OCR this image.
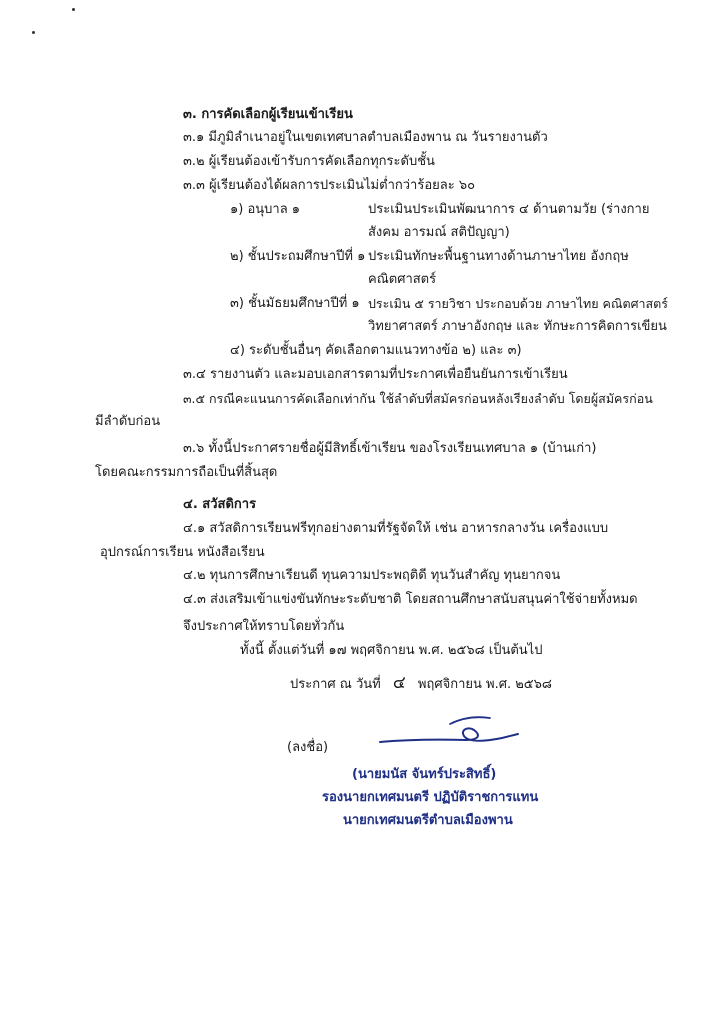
๓. การคัดเลือกผู้เรียนเข้าเรียน
๓.๑ มีภูมิลำเนาอยู่ในเขตเทศบาลตำบลเมืองพาน ณ วันรายงานตัว
๓.๒ ผู้เรียนต้องเข้ารับการคัดเลือกทุกระดับชั้น
๓.๓ ผู้เรียนต้องได้ผลการประเมินไม่ต่ำกว่าร้อยละ ๖๐
๑) อนุบาล ๑	ประเมินประเมินพัฒนาการ ๔ ด้านตามวัย (ร่างกาย
สังคม อารมณ์ สติปัญญา)
๒) ชั้นประถมศึกษาปีที่ ๑ ประเมินทักษะพื้นฐานทางด้านภาษาไทย อังกฤษ
คณิตศาสตร์
๓) ชั้นมัธยมศึกษาปีที่ ๑ ประเมิน ๕ รายวิชา ประกอบด้วย ภาษาไทย คณิตศาสตร์
วิทยาศาสตร์ ภาษาอังกฤษ และ ทักษะการคิดการเขียน
๔) ระดับชั้นอื่นๆ คัดเลือกตามแนวทางข้อ ๒) และ ๓)
๓.๔ รายงานตัว และมอบเอกสารตามที่ประกาศเพื่อยืนยันการเข้าเรียน
๓.๕ กรณีคะแนนการคัดเลือกเท่ากัน ใช้ลำดับที่สมัครก่อนหลังเรียงลำดับ โดยผู้สมัครก่อน
มีลำดับก่อน
๓.๖ ทั้งนี้ประกาศรายชื่อผู้มีสิทธิ์เข้าเรียน ของโรงเรียนเทศบาล ๑ (บ้านเก่า)
โดยคณะกรรมการถือเป็นที่สิ้นสุด
๔. สวัสดิการ
๔.๑ สวัสดิการเรียนฟรีทุกอย่างตามที่รัฐจัดให้ เช่น อาหารกลางวัน เครื่องแบบ
อุปกรณ์การเรียน หนังสือเรียน
๔.๒ ทุนการศึกษาเรียนดี ทุนความประพฤติดี ทุนวันสำคัญ ทุนยากจน
๔.๓ ส่งเสริมเข้าแข่งขันทักษะระดับชาติ โดยสถานศึกษาสนับสนุนค่าใช้จ่ายทั้งหมด
จึงประกาศให้ทราบโดยทั่วกัน
ทั้งนี้ ตั้งแต่วันที่ ๑๗ พฤศจิกายน พ.ศ. ๒๕๖๘ เป็นต้นไป
ประกาศ ณ วันที่ ๔ พฤศจิกายน พ.ศ. ๒๕๖๘
(ลงชื่อ)
(นายมนัส จันทร์ประสิทธิ์)
รองนายกเทศมนตรี ปฏิบัติราชการแทน
นายกเทศมนตรีตำบลเมืองพาน
